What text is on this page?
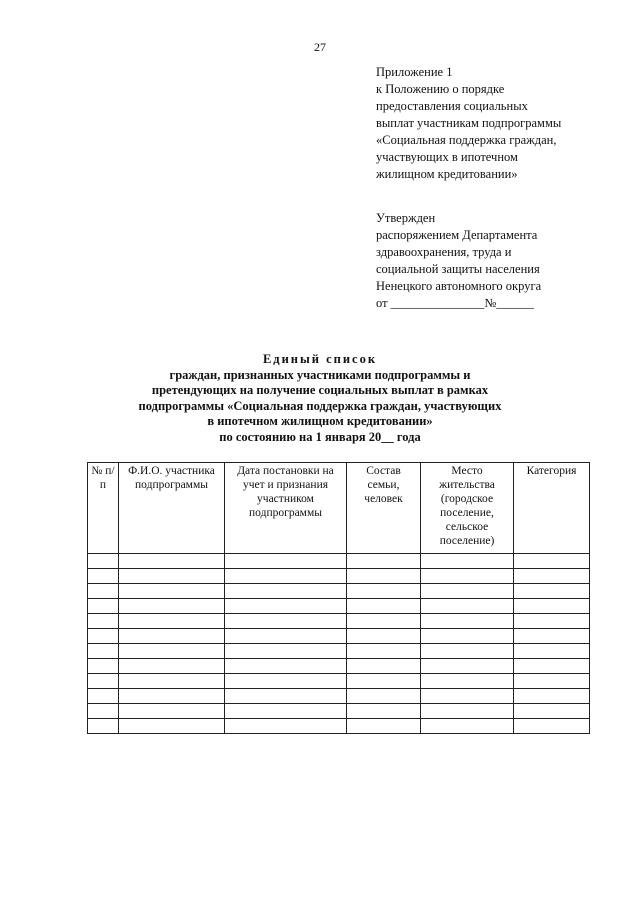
27
Приложение 1
к Положению о порядке
предоставления социальных
выплат участникам подпрограммы
«Социальная поддержка граждан,
участвующих в ипотечном
жилищном кредитовании»
Утвержден
распоряжением Департамента
здравоохранения, труда и
социальной защиты населения
Ненецкого автономного округа
от _______________№______
Единый список
граждан, признанных участниками подпрограммы и
претендующих на получение социальных выплат в рамках
подпрограммы «Социальная поддержка граждан, участвующих
в ипотечном жилищном кредитовании»
по состоянию на 1 января 20__ года
№ п/п	Ф.И.О. участника подпрограммы	Дата постановки на учет и признания участником подпрограммы	Состав семьи, человек	Место жительства (городское поселение, сельское поселение)	Категория
